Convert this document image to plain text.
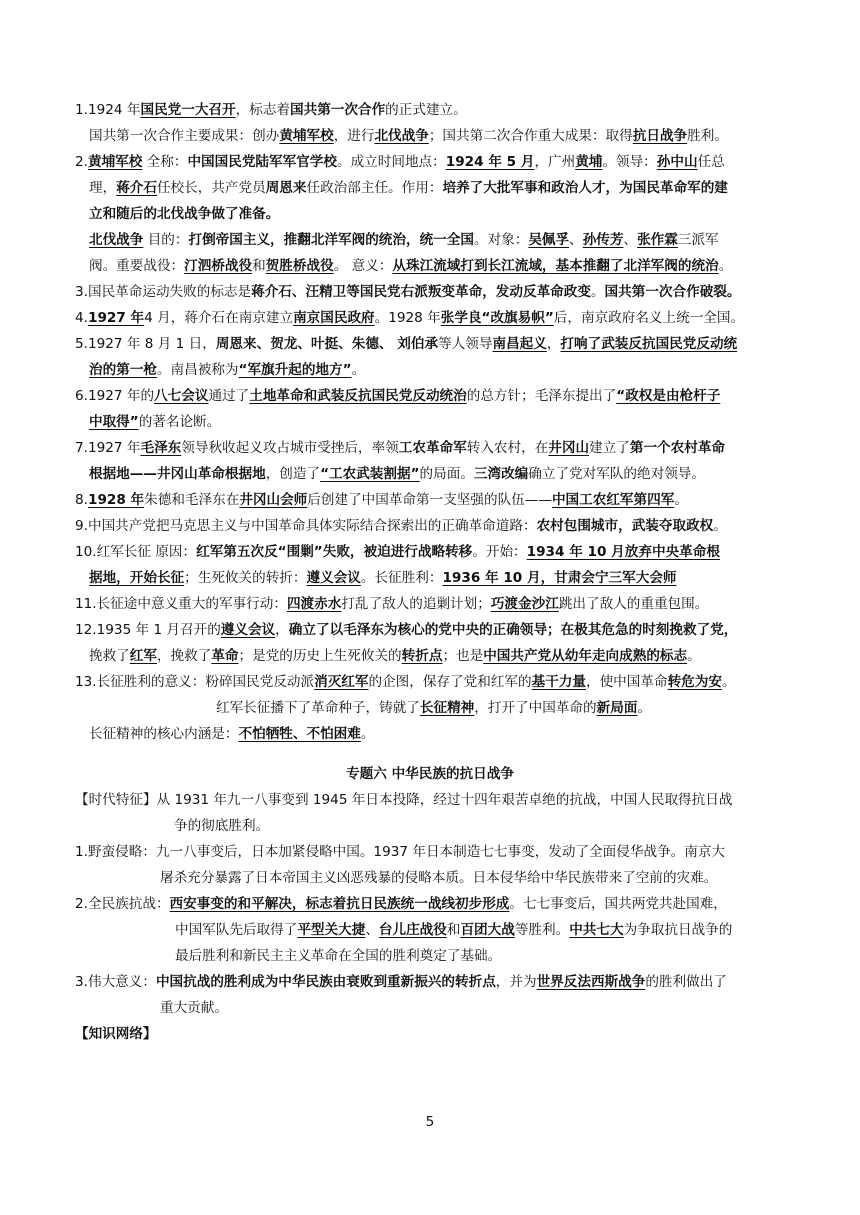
1.1924 年国民党一大召开，标志着国共第一次合作的正式建立。
国共第一次合作主要成果：创办黄埔军校，进行北伐战争；国共第二次合作重大成果：取得抗日战争胜利。
2.黄埔军校 全称：中国国民党陆军军官学校。成立时间地点：1924 年 5 月，广州黄埔。领导：孙中山任总
理，蒋介石任校长，共产党员周恩来任政治部主任。作用：培养了大批军事和政治人才，为国民革命军的建
立和随后的北伐战争做了准备。
北伐战争 目的：打倒帝国主义，推翻北洋军阀的统治，统一全国。对象：吴佩孚、孙传芳、张作霖三派军
阀。重要战役：汀泗桥战役和贺胜桥战役。 意义：从珠江流域打到长江流域，基本推翻了北洋军阀的统治。
3.国民革命运动失败的标志是蒋介石、汪精卫等国民党右派叛变革命，发动反革命政变。国共第一次合作破裂。
4.1927 年4 月，蒋介石在南京建立南京国民政府。1928 年张学良“改旗易帜”后，南京政府名义上统一全国。
5.1927 年 8 月 1 日，周恩来、贺龙、叶挺、朱德、 刘伯承等人领导南昌起义，打响了武装反抗国民党反动统
治的第一枪。南昌被称为“军旗升起的地方”。
6.1927 年的八七会议通过了土地革命和武装反抗国民党反动统治的总方针；毛泽东提出了“政权是由枪杆子
中取得”的著名论断。
7.1927 年毛泽东领导秋收起义攻占城市受挫后，率领工农革命军转入农村，在井冈山建立了第一个农村革命
根据地——井冈山革命根据地，创造了“工农武装割据”的局面。三湾改编确立了党对军队的绝对领导。
8.1928 年朱德和毛泽东在井冈山会师后创建了中国革命第一支坚强的队伍——中国工农红军第四军。
9.中国共产党把马克思主义与中国革命具体实际结合探索出的正确革命道路：农村包围城市，武装夺取政权。
10.红军长征 原因：红军第五次反“围剿”失败，被迫进行战略转移。开始：1934 年 10 月放弃中央革命根
据地，开始长征；生死攸关的转折：遵义会议。长征胜利：1936 年 10 月，甘肃会宁三军大会师
11.长征途中意义重大的军事行动：四渡赤水打乱了敌人的追剿计划；巧渡金沙江跳出了敌人的重重包围。
12.1935 年 1 月召开的遵义会议，确立了以毛泽东为核心的党中央的正确领导；在极其危急的时刻挽救了党，
挽救了红军，挽救了革命；是党的历史上生死攸关的转折点；也是中国共产党从幼年走向成熟的标志。
13.长征胜利的意义：粉碎国民党反动派消灭红军的企图，保存了党和红军的基干力量，使中国革命转危为安。
红军长征播下了革命种子，铸就了长征精神，打开了中国革命的新局面。
长征精神的核心内涵是：不怕牺牲、不怕困难。
专题六 中华民族的抗日战争
【时代特征】从 1931 年九一八事变到 1945 年日本投降，经过十四年艰苦卓绝的抗战，中国人民取得抗日战
争的彻底胜利。
1.野蛮侵略：九一八事变后，日本加紧侵略中国。1937 年日本制造七七事变，发动了全面侵华战争。南京大
屠杀充分暴露了日本帝国主义凶恶残暴的侵略本质。日本侵华给中华民族带来了空前的灾难。
2.全民族抗战：西安事变的和平解决，标志着抗日民族统一战线初步形成。七七事变后，国共两党共赴国难，
中国军队先后取得了平型关大捷、台儿庄战役和百团大战等胜利。中共七大为争取抗日战争的
最后胜利和新民主主义革命在全国的胜利奠定了基础。
3.伟大意义：中国抗战的胜利成为中华民族由衰败到重新振兴的转折点，并为世界反法西斯战争的胜利做出了
重大贡献。
【知识网络】
5
